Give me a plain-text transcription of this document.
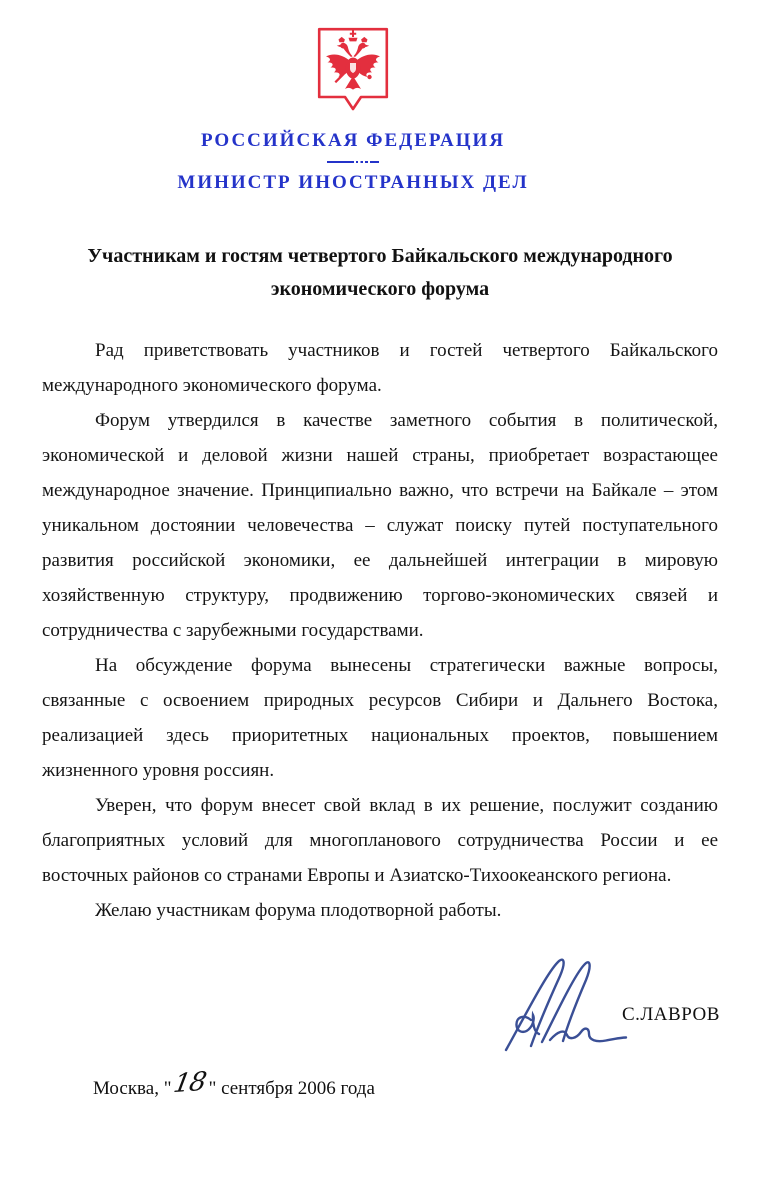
РОССИЙСКАЯ ФЕДЕРАЦИЯ
МИНИСТР ИНОСТРАННЫХ ДЕЛ
Участникам и гостям четвертого Байкальского международного экономического форума

Рад приветствовать участников и гостей четвертого Байкальского международного экономического форума.

Форум утвердился в качестве заметного события в политической, экономической и деловой жизни нашей страны, приобретает возрастающее международное значение. Принципиально важно, что встречи на Байкале – этом уникальном достоянии человечества – служат поиску путей поступательного развития российской экономики, ее дальнейшей интеграции в мировую хозяйственную структуру, продвижению торгово-экономических связей и сотрудничества с зарубежными государствами.

На обсуждение форума вынесены стратегически важные вопросы, связанные с освоением природных ресурсов Сибири и Дальнего Востока, реализацией здесь приоритетных национальных проектов, повышением жизненного уровня россиян.

Уверен, что форум внесет свой вклад в их решение, послужит созданию благоприятных условий для многопланового сотрудничества России и ее восточных районов со странами Европы и Азиатско-Тихоокеанского региона.

Желаю участникам форума плодотворной работы.

С.ЛАВРОВ
Москва, "18" сентября 2006 года
